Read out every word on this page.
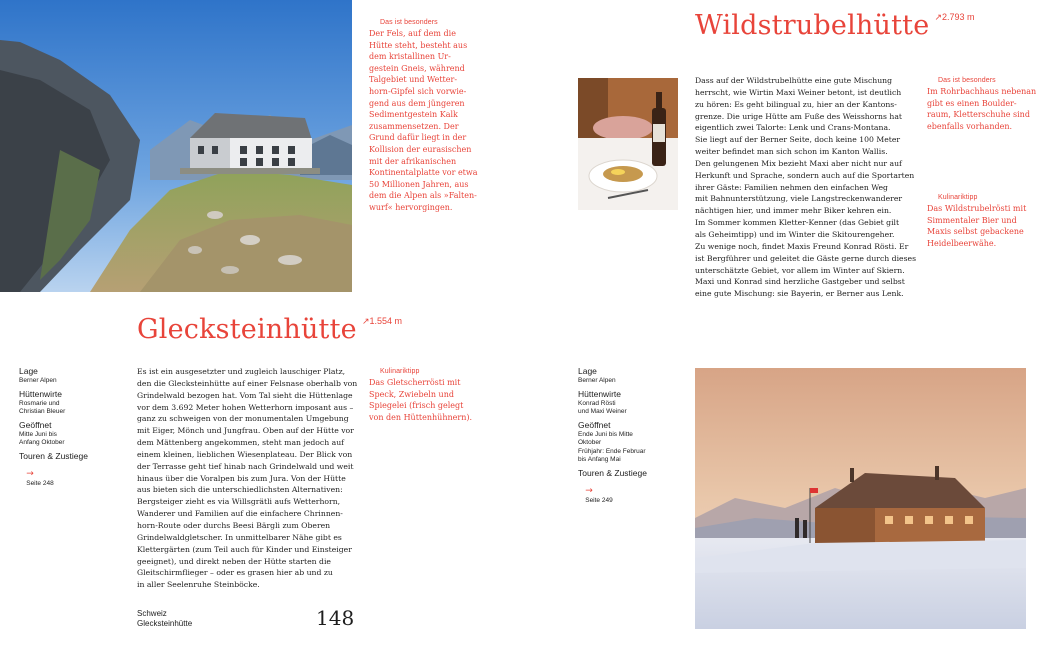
Das ist besonders
Der Fels, auf dem die
Hütte steht, besteht aus
dem kristallinen Ur-
gestein Gneis, während
Talgebiet und Wetter-
horn-Gipfel sich vorwie-
gend aus dem jüngeren
Sedimentgestein Kalk
zusammensetzen. Der
Grund dafür liegt in der
Kollision der eurasischen
mit der afrikanischen
Kontinentalplatte vor etwa
50 Millionen Jahren, aus
dem die Alpen als »Falten-
wurf« hervorgingen.
Glecksteinhütte $^{↗1.554 m}$
Lage
Berner Alpen
Hüttenwirte
Rosmarie und
Christian Bleuer
Geöffnet
Mitte Juni bis
Anfang Oktober
Touren & Zustiege

→
Seite 248

Es ist ein ausgesetzter und zugleich lauschiger Platz,
den die Glecksteinhütte auf einer Felsnase oberhalb von
Grindelwald bezogen hat. Vom Tal sieht die Hüttenlage
vor dem 3.692 Meter hohen Wetterhorn imposant aus –
ganz zu schweigen von der monumentalen Umgebung
mit Eiger, Mönch und Jungfrau. Oben auf der Hütte vor
dem Mättenberg angekommen, steht man jedoch auf
einem kleinen, lieblichen Wiesenplateau. Der Blick von
der Terrasse geht tief hinab nach Grindelwald und weit
hinaus über die Voralpen bis zum Jura. Von der Hütte
aus bieten sich die unterschiedlichsten Alternativen:
Bergsteiger zieht es via Willsgrätli aufs Wetterhorn,
Wanderer und Familien auf die einfachere Chrinnen-
horn-Route oder durchs Beesi Bärgli zum Oberen
Grindelwaldgletscher. In unmittelbarer Nähe gibt es
Klettergärten (zum Teil auch für Kinder und Einsteiger
geeignet), und direkt neben der Hütte starten die
Gleitschirmflieger – oder es grasen hier ab und zu
in aller Seelenruhe Steinböcke.
Kulinariktipp
Das Gletscherrösti mit
Speck, Zwiebeln und
Spiegelei (frisch gelegt
von den Hüttenhühnern).
Schweiz
Glecksteinhütte	148
Wildstrubelhütte $^{↗2.793 m}$
Dass auf der Wildstrubelhütte eine gute Mischung
herrscht, wie Wirtin Maxi Weiner betont, ist deutlich
zu hören: Es geht bilingual zu, hier an der Kantons-
grenze. Die urige Hütte am Fuße des Weisshorns hat
eigentlich zwei Talorte: Lenk und Crans-Montana.
Sie liegt auf der Berner Seite, doch keine 100 Meter
weiter befindet man sich schon im Kanton Wallis.
Den gelungenen Mix bezieht Maxi aber nicht nur auf
Herkunft und Sprache, sondern auch auf die Sportarten
ihrer Gäste: Familien nehmen den einfachen Weg
mit Bahnunterstützung, viele Langstreckenwanderer
nächtigen hier, und immer mehr Biker kehren ein.
Im Sommer kommen Kletter-Kenner (das Gebiet gilt
als Geheimtipp) und im Winter die Skitourengeher.
Zu wenige noch, findet Maxis Freund Konrad Rösti. Er
ist Bergführer und geleitet die Gäste gerne durch dieses
unterschätzte Gebiet, vor allem im Winter auf Skiern.
Maxi und Konrad sind herzliche Gastgeber und selbst
eine gute Mischung: sie Bayerin, er Berner aus Lenk.
Das ist besonders
Im Rohrbachhaus nebenan
gibt es einen Boulder-
raum, Kletterschuhe sind
ebenfalls vorhanden.
Kulinariktipp
Das Wildstrubelrösti mit
Simmentaler Bier und
Maxis selbst gebackene
Heidelbeerwähe.
Lage
Berner Alpen
Hüttenwirte
Konrad Rösti
und Maxi Weiner
Geöffnet
Ende Juni bis Mitte
Oktober
Frühjahr: Ende Februar
bis Anfang Mai
Touren & Zustiege

→
Seite 249
